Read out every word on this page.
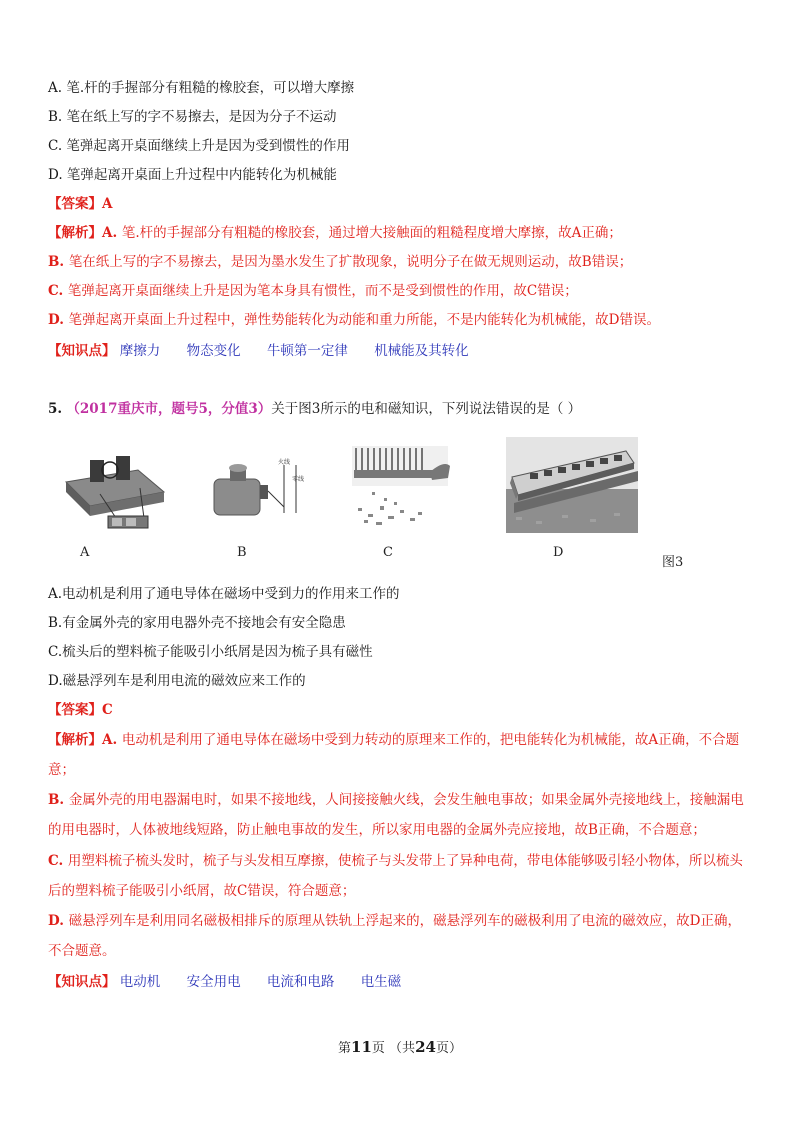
A. 笔.杆的手握部分有粗糙的橡胶套，可以增大摩擦
B. 笔在纸上写的字不易擦去，是因为分子不运动
C. 笔弹起离开桌面继续上升是因为受到惯性的作用
D. 笔弹起离开桌面上升过程中内能转化为机械能
【答案】A
【解析】A. 笔.杆的手握部分有粗糙的橡胶套，通过增大接触面的粗糙程度增大摩擦，故A正确；
B. 笔在纸上写的字不易擦去，是因为墨水发生了扩散现象，说明分子在做无规则运动，故B错误；
C. 笔弹起离开桌面继续上升是因为笔本身具有惯性，而不是受到惯性的作用，故C错误；
D. 笔弹起离开桌面上升过程中，弹性势能转化为动能和重力所能，不是内能转化为机械能，故D错误。
【知识点】 摩擦力 物态变化 牛顿第一定律 机械能及其转化
5. （2017重庆市，题号5，分值3）关于图3所示的电和磁知识，下列说法错误的是（ ）
火线
零线
A	B	C	D
图3
A.电动机是利用了通电导体在磁场中受到力的作用来工作的
B.有金属外壳的家用电器外壳不接地会有安全隐患
C.梳头后的塑料梳子能吸引小纸屑是因为梳子具有磁性
D.磁悬浮列车是利用电流的磁效应来工作的
【答案】C
【解析】A. 电动机是利用了通电导体在磁场中受到力转动的原理来工作的，把电能转化为机械能，故A正确，不合题
意；
B. 金属外壳的用电器漏电时，如果不接地线，人间接接触火线，会发生触电事故；如果金属外壳接地线上，接触漏电
的用电器时，人体被地线短路，防止触电事故的发生，所以家用电器的金属外壳应接地，故B正确，不合题意；
C. 用塑料梳子梳头发时，梳子与头发相互摩擦，使梳子与头发带上了异种电荷，带电体能够吸引轻小物体，所以梳头
后的塑料梳子能吸引小纸屑，故C错误，符合题意；
D. 磁悬浮列车是利用同名磁极相排斥的原理从铁轨上浮起来的，磁悬浮列车的磁极利用了电流的磁效应，故D正确，
不合题意。
【知识点】 电动机 安全用电 电流和电路 电生磁
第11页 （共24页）
